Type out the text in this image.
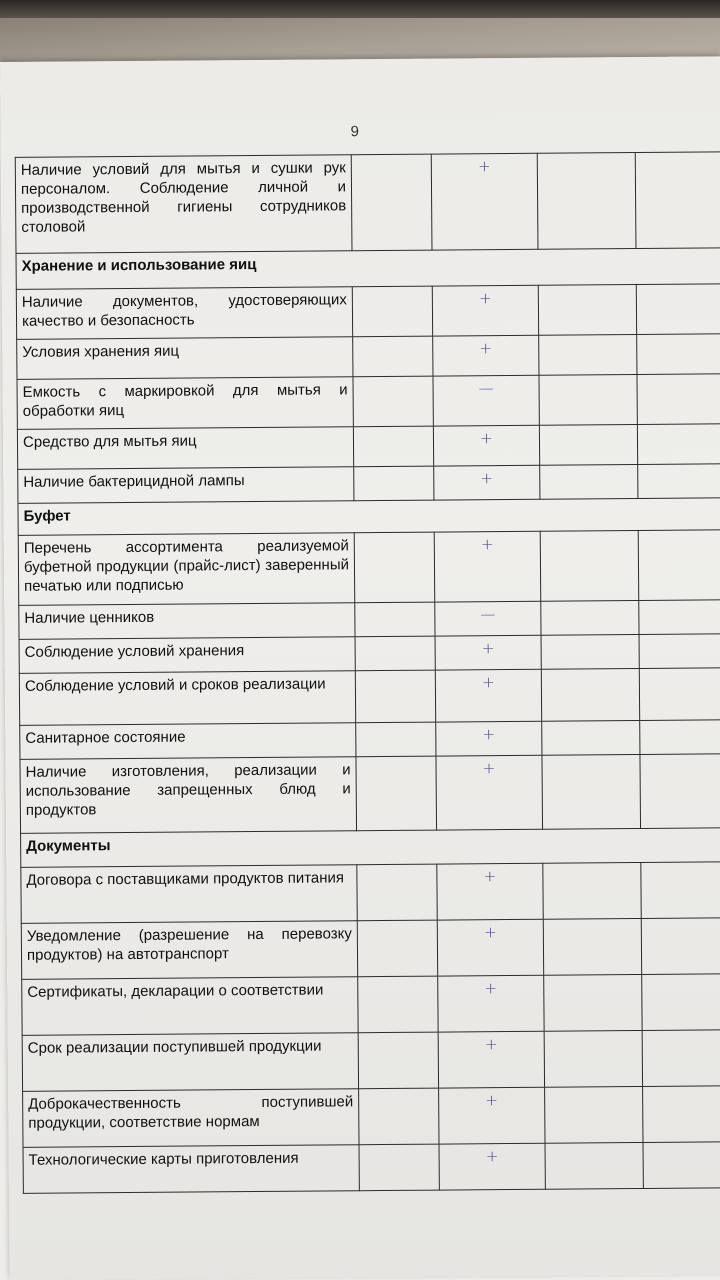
9
Наличие условий для мытья и сушки рук персоналом. Соблюдение личной и производственной гигиены сотрудников столовой		+		
Хранение и использование яиц				
Наличие документов, удостоверяющих качество и безопасность		+		
Условия хранения яиц		+		
Емкость с маркировкой для мытья и обработки яиц		—		
Средство для мытья яиц		+		
Наличие бактерицидной лампы		+		
Буфет				
Перечень ассортимента реализуемой буфетной продукции (прайс-лист) заверенный печатью или подписью		+		
Наличие ценников		—		
Соблюдение условий хранения		+		
Соблюдение условий и сроков реализации		+		
Санитарное состояние		+		
Наличие изготовления, реализации и использование запрещенных блюд и продуктов		+		
Документы				
Договора с поставщиками продуктов питания		+		
Уведомление (разрешение на перевозку продуктов) на автотранспорт		+		
Сертификаты, декларации о соответствии		+		
Срок реализации поступившей продукции		+		
Доброкачественность поступившей продукции, соответствие нормам		+		
Технологические карты приготовления		+		
